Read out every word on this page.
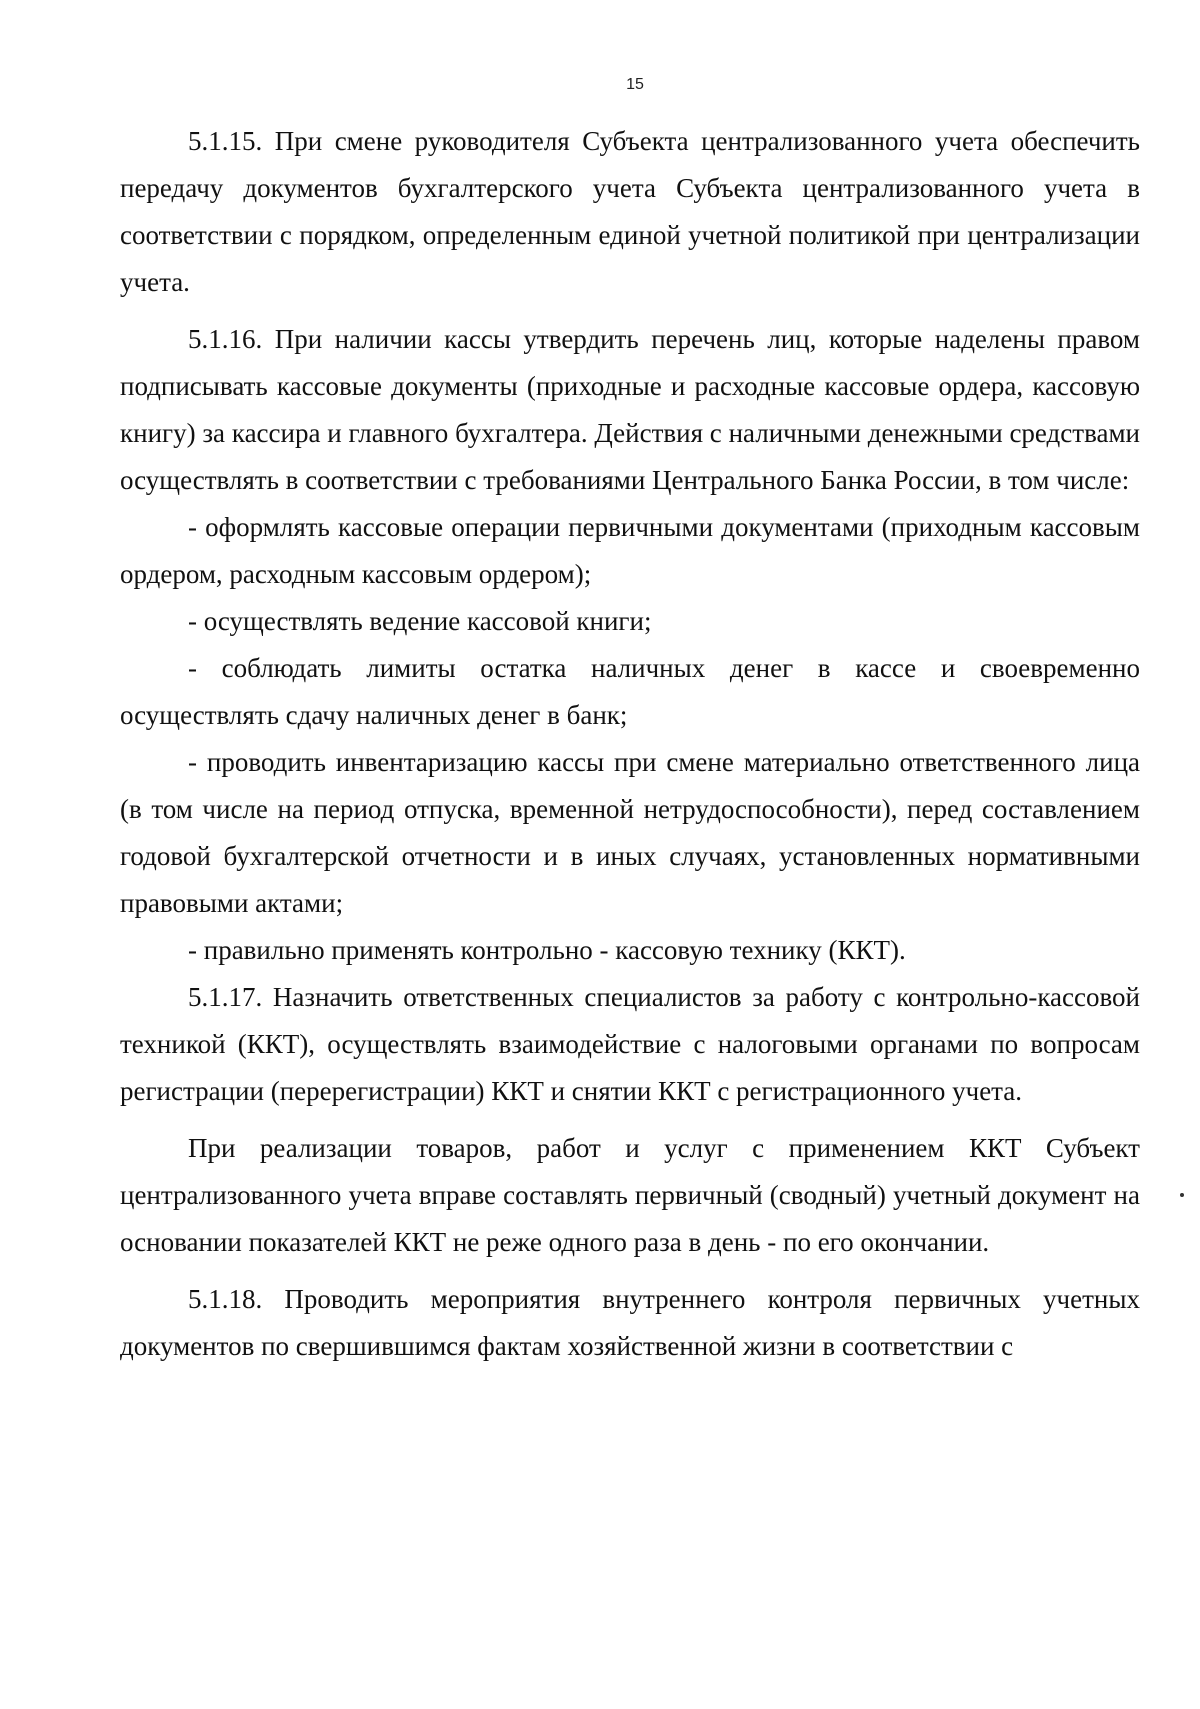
15

5.1.15. При смене руководителя Субъекта централизованного учета обеспечить передачу документов бухгалтерского учета Субъекта централизованного учета в соответствии с порядком, определенным единой учетной политикой при централизации учета.

5.1.16. При наличии кассы утвердить перечень лиц, которые наделены правом подписывать кассовые документы (приходные и расходные кассовые ордера, кассовую книгу) за кассира и главного бухгалтера. Действия с наличными денежными средствами осуществлять в соответствии с требованиями Центрального Банка России, в том числе:

- оформлять кассовые операции первичными документами (приходным кассовым ордером, расходным кассовым ордером);

- осуществлять ведение кассовой книги;

- соблюдать лимиты остатка наличных денег в кассе и своевременно осуществлять сдачу наличных денег в банк;

- проводить инвентаризацию кассы при смене материально ответственного лица (в том числе на период отпуска, временной нетрудоспособности), перед составлением годовой бухгалтерской отчетности и в иных случаях, установленных нормативными правовыми актами;

- правильно применять контрольно - кассовую технику (ККТ).

5.1.17. Назначить ответственных специалистов за работу с контрольно-кассовой техникой (ККТ), осуществлять взаимодействие с налоговыми органами по вопросам регистрации (перерегистрации) ККТ и снятии ККТ с регистрационного учета.

При реализации товаров, работ и услуг с применением ККТ Субъект централизованного учета вправе составлять первичный (сводный) учетный документ на основании показателей ККТ не реже одного раза в день - по его окончании.

5.1.18. Проводить мероприятия внутреннего контроля первичных учетных документов по свершившимся фактам хозяйственной жизни в соответствии с
